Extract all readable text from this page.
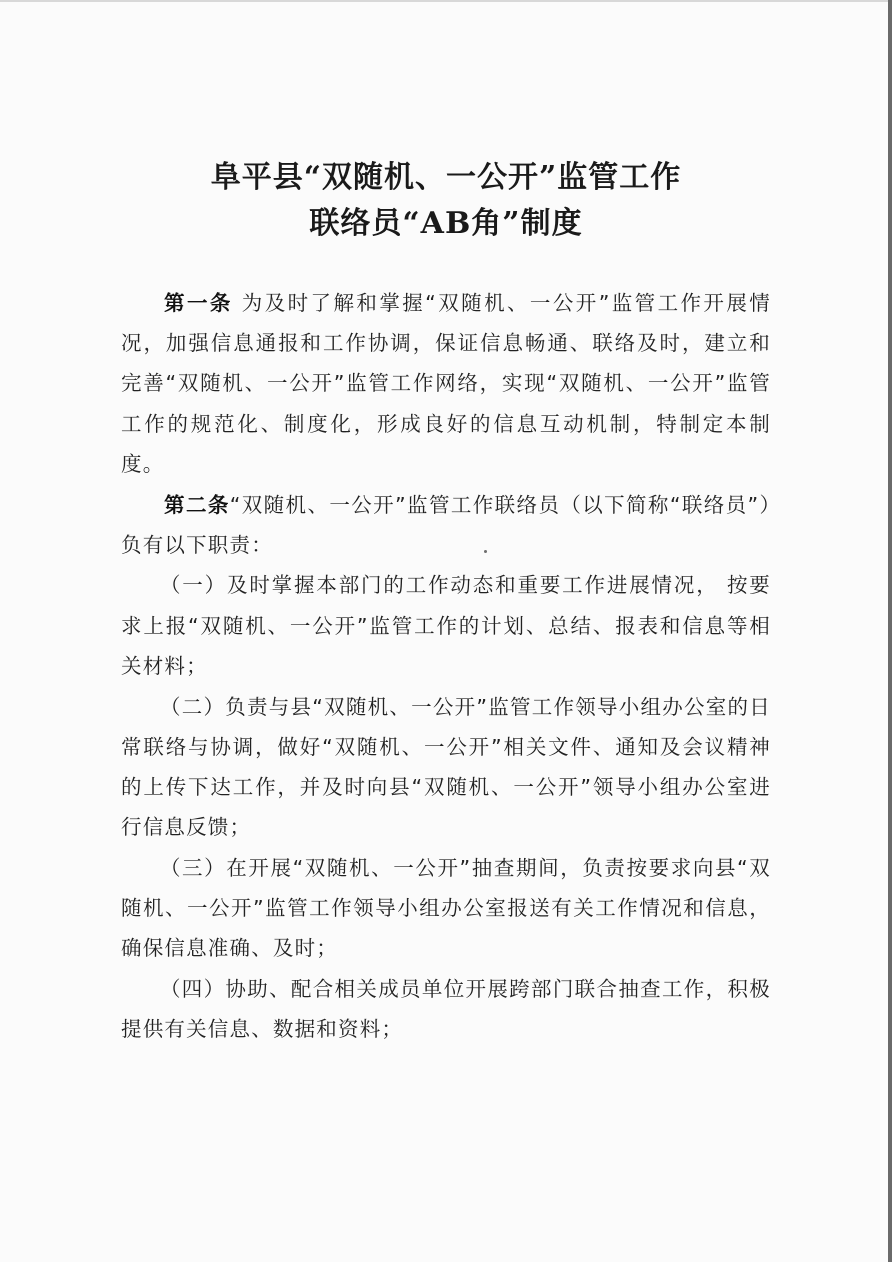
阜平县“双随机、一公开”监管工作
联络员“AB角”制度

第一条 为及时了解和掌握“双随机、一公开”监管工作开展情况，加强信息通报和工作协调，保证信息畅通、联络及时，建立和完善“双随机、一公开”监管工作网络，实现“双随机、一公开”监管工作的规范化、制度化，形成良好的信息互动机制，特制定本制度。

第二条“双随机、一公开”监管工作联络员（以下简称“联络员”）负有以下职责：

（一）及时掌握本部门的工作动态和重要工作进展情况， 按要求上报“双随机、一公开”监管工作的计划、总结、报表和信息等相关材料；

（二）负责与县“双随机、一公开”监管工作领导小组办公室的日常联络与协调，做好“双随机、一公开”相关文件、通知及会议精神的上传下达工作，并及时向县“双随机、一公开”领导小组办公室进行信息反馈；

（三）在开展“双随机、一公开”抽查期间，负责按要求向县“双随机、一公开”监管工作领导小组办公室报送有关工作情况和信息，确保信息准确、及时；

（四）协助、配合相关成员单位开展跨部门联合抽查工作，积极提供有关信息、数据和资料；
